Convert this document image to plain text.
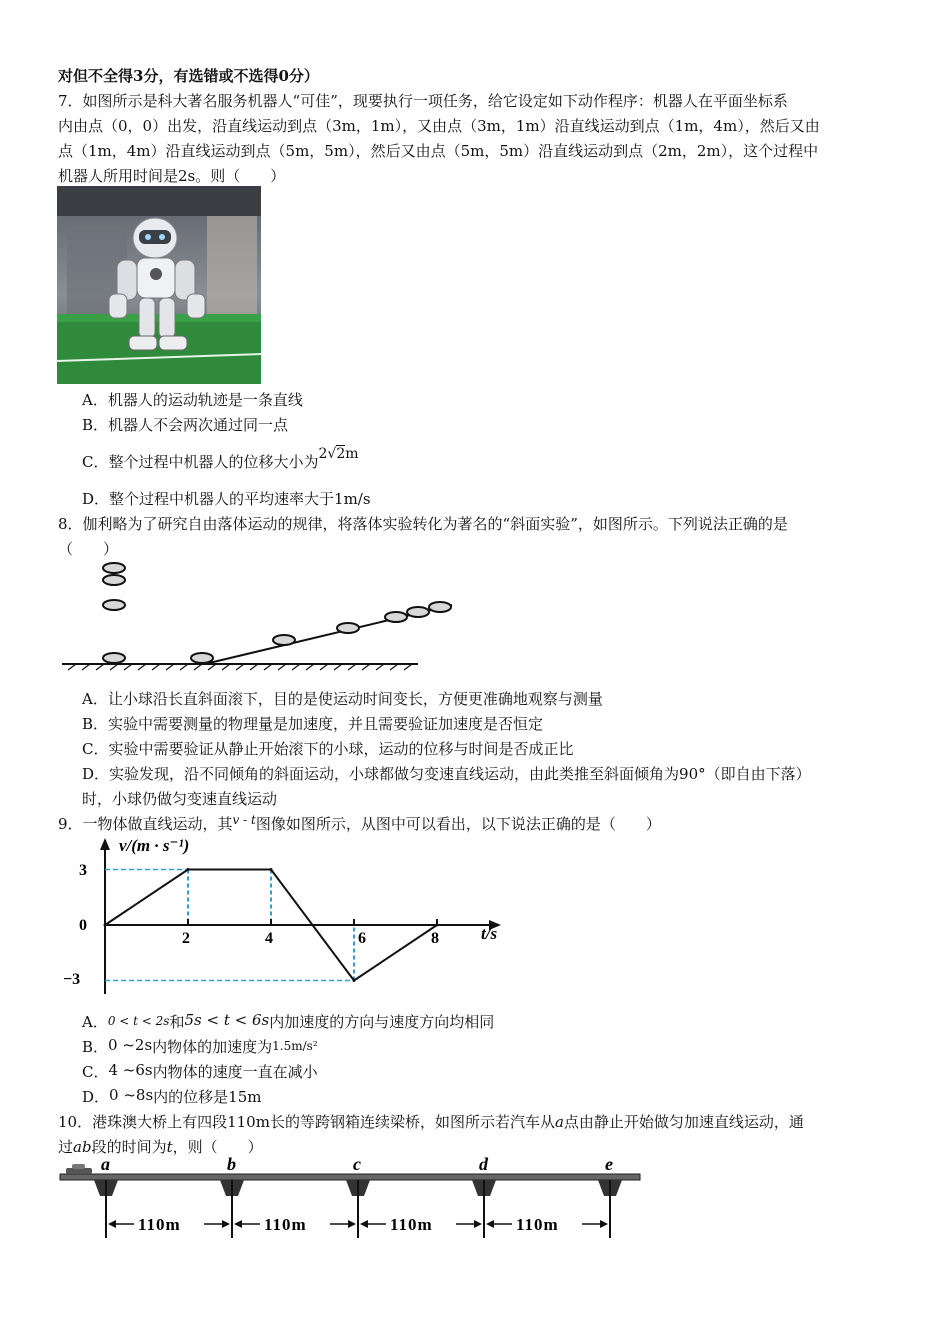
对但不全得3分，有选错或不选得0分）
7．如图所示是科大著名服务机器人“可佳”，现要执行一项任务，给它设定如下动作程序：机器人在平面坐标系
内由点（0，0）出发，沿直线运动到点（3m，1m），又由点（3m，1m）沿直线运动到点（1m，4m），然后又由
点（1m，4m）沿直线运动到点（5m，5m），然后又由点（5m，5m）沿直线运动到点（2m，2m），这个过程中
机器人所用时间是2s。则（　　）
A．机器人的运动轨迹是一条直线
B．机器人不会两次通过同一点
C．整个过程中机器人的位移大小为2√2m
D．整个过程中机器人的平均速率大于1m/s
8．伽利略为了研究自由落体运动的规律，将落体实验转化为著名的“斜面实验”，如图所示。下列说法正确的是
（　　）
A．让小球沿长直斜面滚下，目的是使运动时间变长，方便更准确地观察与测量
B．实验中需要测量的物理量是加速度，并且需要验证加速度是否恒定
C．实验中需要验证从静止开始滚下的小球，运动的位移与时间是否成正比
D．实验发现，沿不同倾角的斜面运动，小球都做匀变速直线运动，由此类推至斜面倾角为90°（即自由下落）
时，小球仍做匀变速直线运动
9．一物体做直线运动，其$^{v - t}$图像如图所示，从图中可以看出，以下说法正确的是（　　）
v/(m · s⁻¹)
t/s
3
0
−3
2	4	6	8
A．0 < t < 2s和5s < t < 6s内加速度的方向与速度方向均相同
B．0 ~2s内物体的加速度为1.5m/s²
C．4 ~6s内物体的速度一直在减小
D．0 ~8s内的位移是15m
10．港珠澳大桥上有四段110m长的等跨钢箱连续梁桥，如图所示若汽车从a点由静止开始做匀加速直线运动，通
过ab段的时间为t，则（　　）
a	b	c	d	e
110m	110m	110m	110m
